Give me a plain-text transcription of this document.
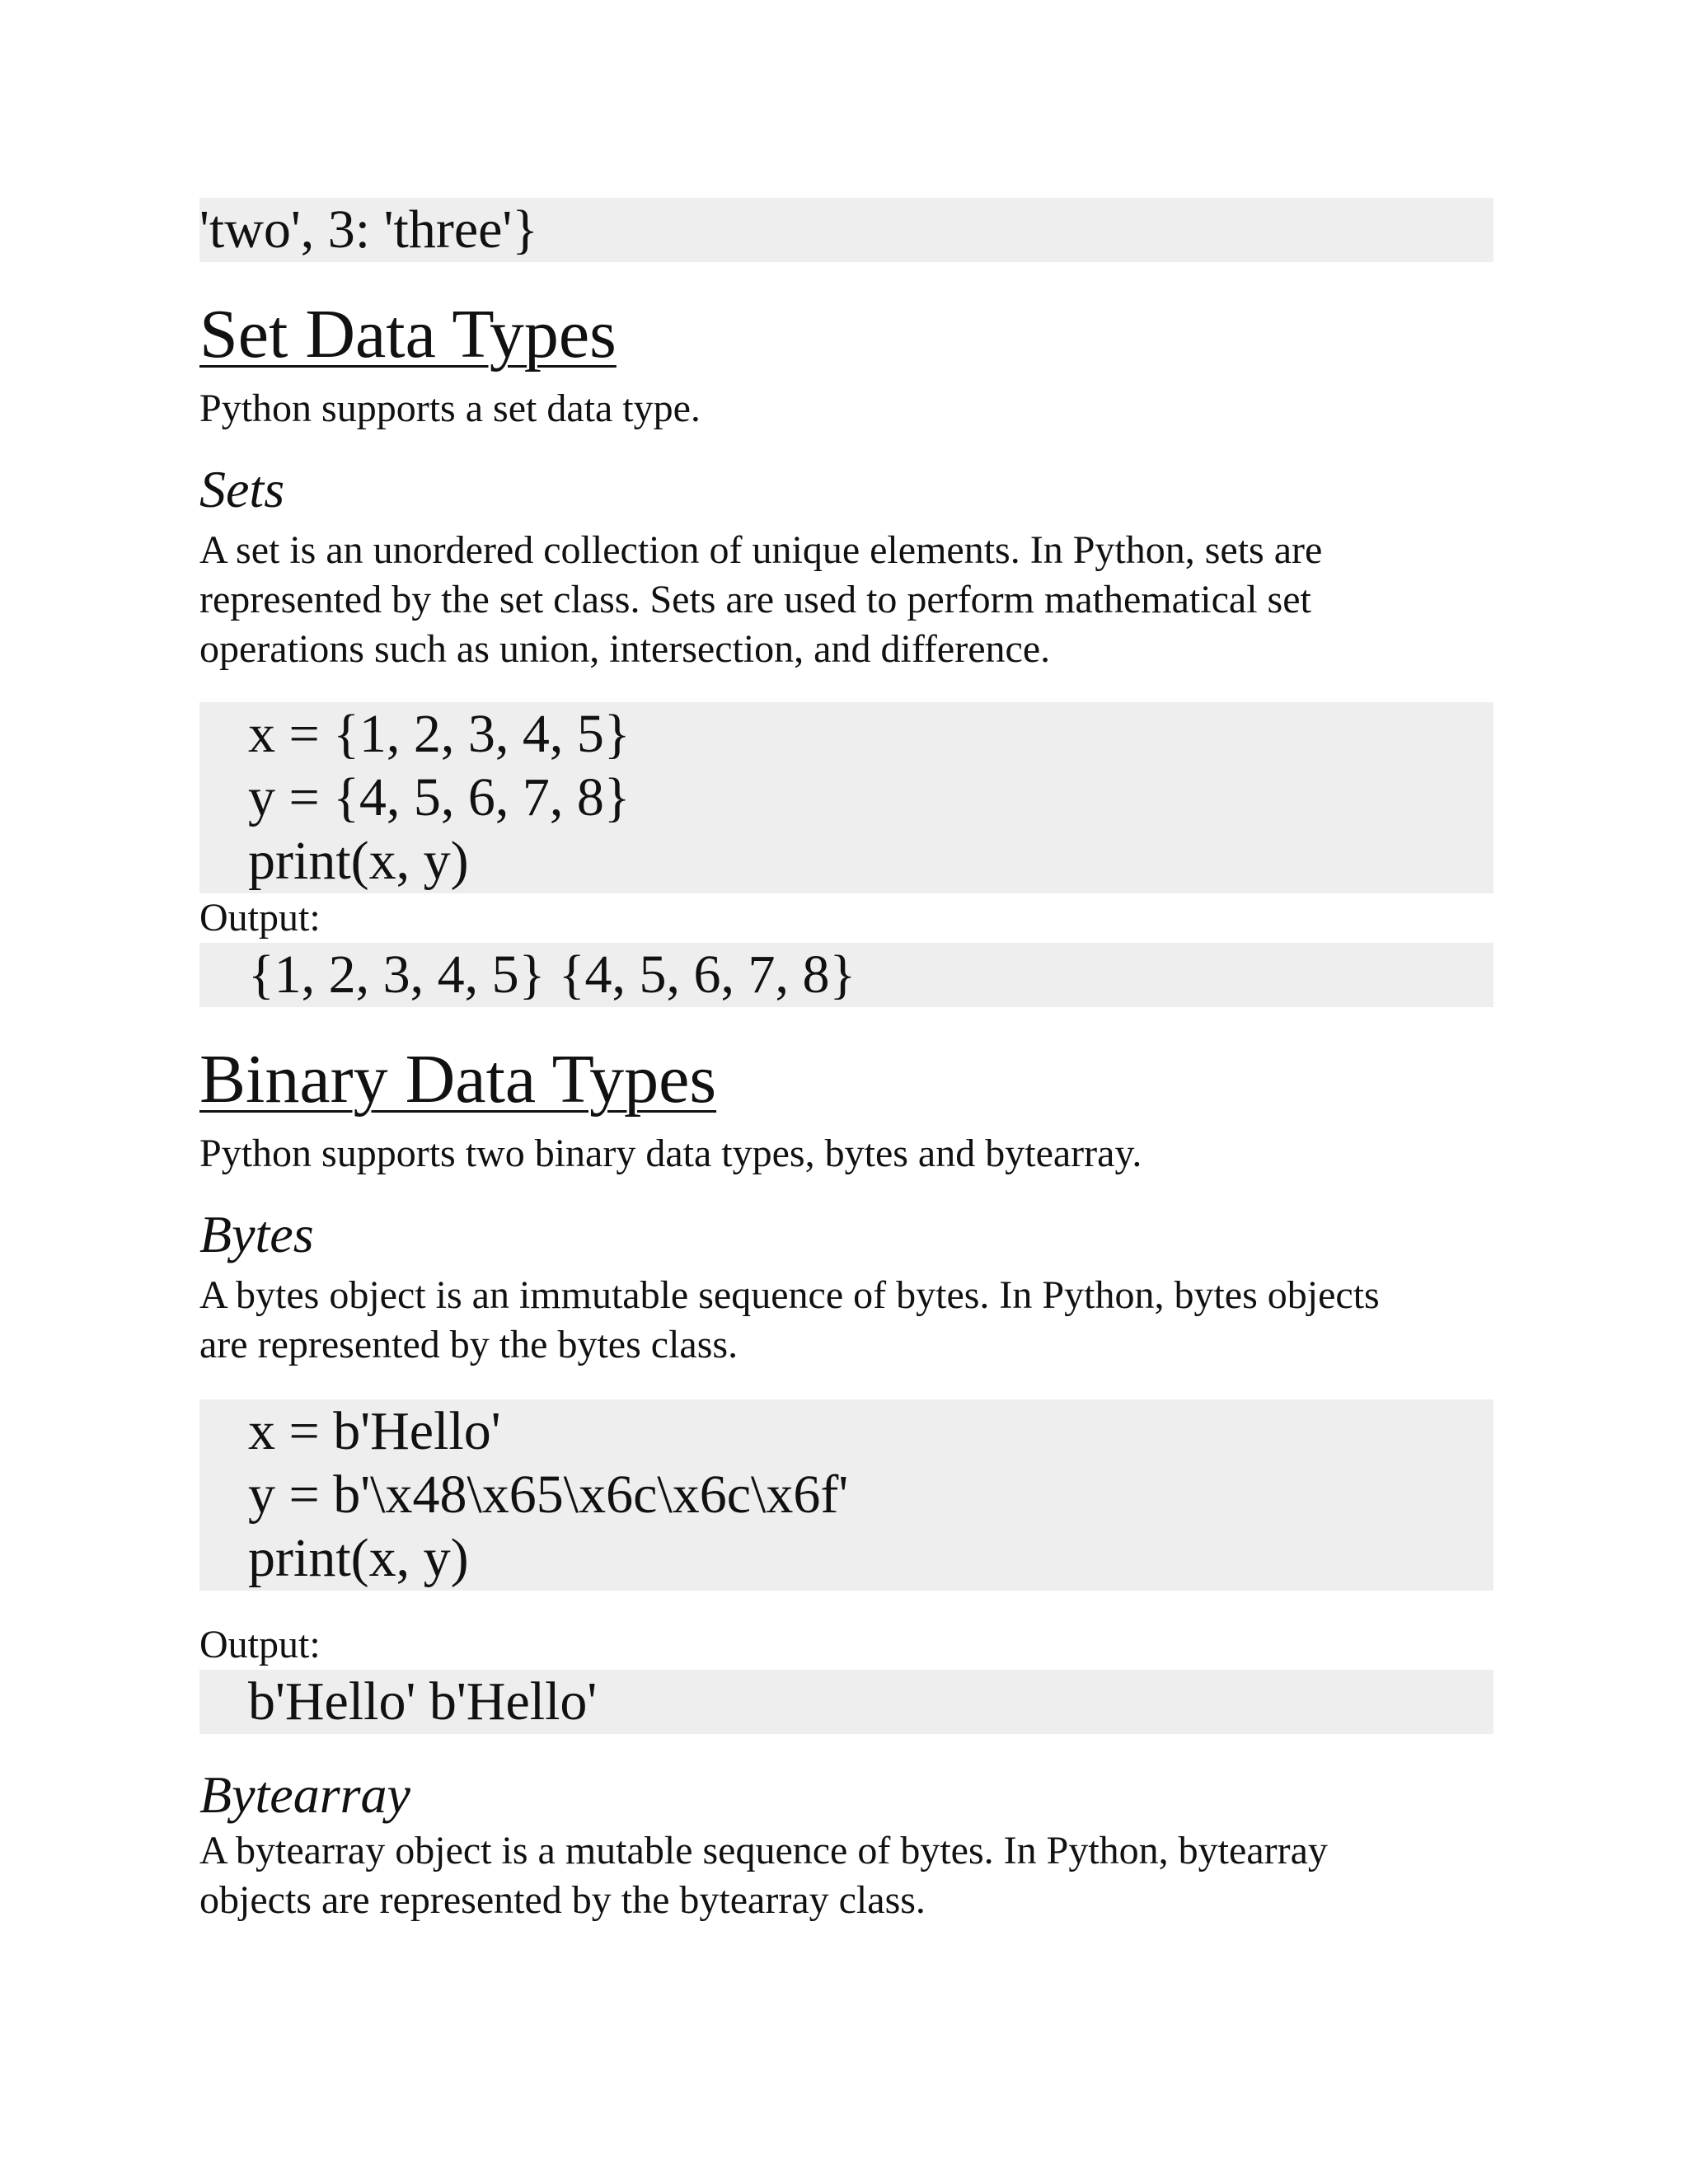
'two', 3: 'three'}
Set Data Types

Python supports a set data type.

Sets

A set is an unordered collection of unique elements. In Python, sets are

represented by the set class. Sets are used to perform mathematical set

operations such as union, intersection, and difference.

x = {1, 2, 3, 4, 5}
y = {4, 5, 6, 7, 8}
print(x, y)

Output:

{1, 2, 3, 4, 5} {4, 5, 6, 7, 8}
Binary Data Types

Python supports two binary data types, bytes and bytearray.

Bytes

A bytes object is an immutable sequence of bytes. In Python, bytes objects

are represented by the bytes class.

x = b'Hello'
y = b'\x48\x65\x6c\x6c\x6f'
print(x, y)

Output:

b'Hello' b'Hello'
Bytearray

A bytearray object is a mutable sequence of bytes. In Python, bytearray

objects are represented by the bytearray class.
